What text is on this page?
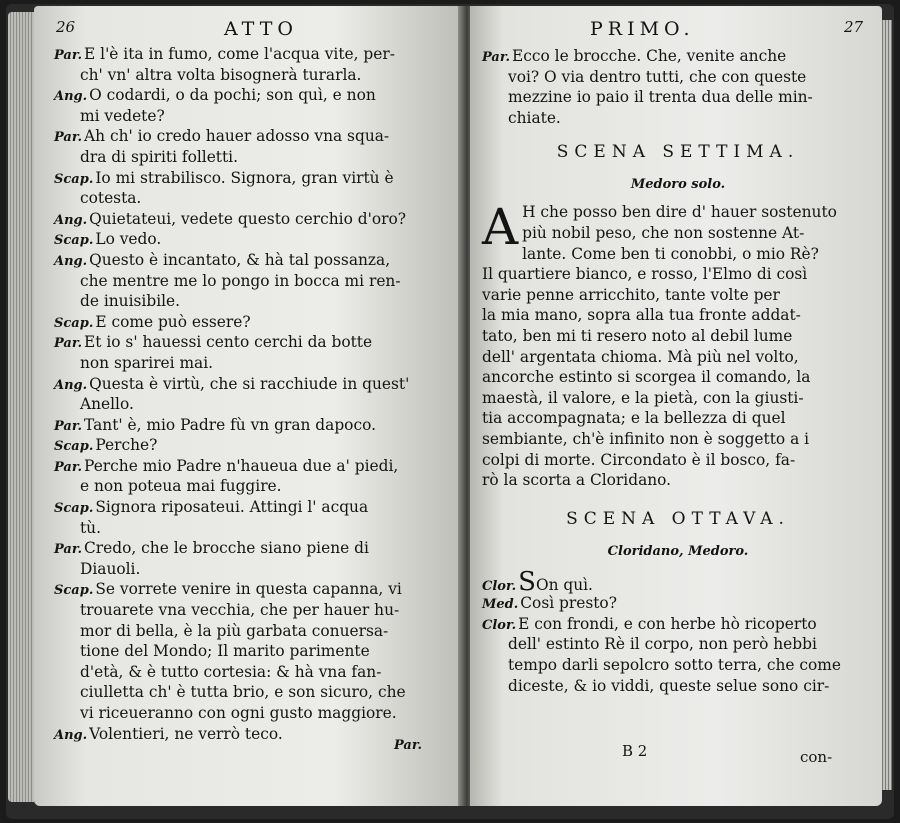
26	ATTO
Par. E l'è ita in fumo, come l'acqua vite, per-
ch' vn' altra volta bisognerà turarla.
Ang. O codardi, o da pochi; son quì, e non
mi vedete?
Par. Ah ch' io credo hauer adosso vna squa-
dra di spiriti folletti.
Scap. Io mi strabilisco. Signora, gran virtù è
cotesta.
Ang. Quietateui, vedete questo cerchio d'oro?
Scap. Lo vedo.
Ang. Questo è incantato, & hà tal possanza,
che mentre me lo pongo in bocca mi ren-
de inuisibile.
Scap. E come può essere?
Par. Et io s' hauessi cento cerchi da botte
non sparirei mai.
Ang. Questa è virtù, che si racchiude in quest'
Anello.
Par. Tant' è, mio Padre fù vn gran dapoco.
Scap. Perche?
Par. Perche mio Padre n'haueua due a' piedi,
e non poteua mai fuggire.
Scap. Signora riposateui. Attingi l' acqua
tù.
Par. Credo, che le brocche siano piene di
Diauoli.
Scap. Se vorrete venire in questa capanna, vi
trouarete vna vecchia, che per hauer hu-
mor di bella, è la più garbata conuersa-
tione del Mondo; Il marito parimente
d'età, & è tutto cortesia: & hà vna fan-
ciulletta ch' è tutta brio, e son sicuro, che
vi riceueranno con ogni gusto maggiore.
Ang. Volentieri, ne verrò teco.
Par.
PRIMO.	27
Par. Ecco le brocche. Che, venite anche
voi? O via dentro tutti, che con queste
mezzine io paio il trenta dua delle min-
chiate.
SCENA SETTIMA.
Medoro solo.
A H che posso ben dire d' hauer sostenuto
più nobil peso, che non sostenne At-
lante. Come ben ti conobbi, o mio Rè?
Il quartiere bianco, e rosso, l'Elmo di così
varie penne arricchito, tante volte per
la mia mano, sopra alla tua fronte addat-
tato, ben mi ti resero noto al debil lume
dell' argentata chioma. Mà più nel volto,
ancorche estinto si scorgea il comando, la
maestà, il valore, e la pietà, con la giusti-
tia accompagnata; e la bellezza di quel
sembiante, ch'è infinito non è soggetto a i
colpi di morte. Circondato è il bosco, fa-
rò la scorta a Cloridano.
SCENA OTTAVA.
Cloridano, Medoro.
Clor.SOn quì.
Med. Così presto?
Clor. E con frondi, e con herbe hò ricoperto
dell' estinto Rè il corpo, non però hebbi
tempo darli sepolcro sotto terra, che come
diceste, & io viddi, queste selue sono cir-
B 2	con-
